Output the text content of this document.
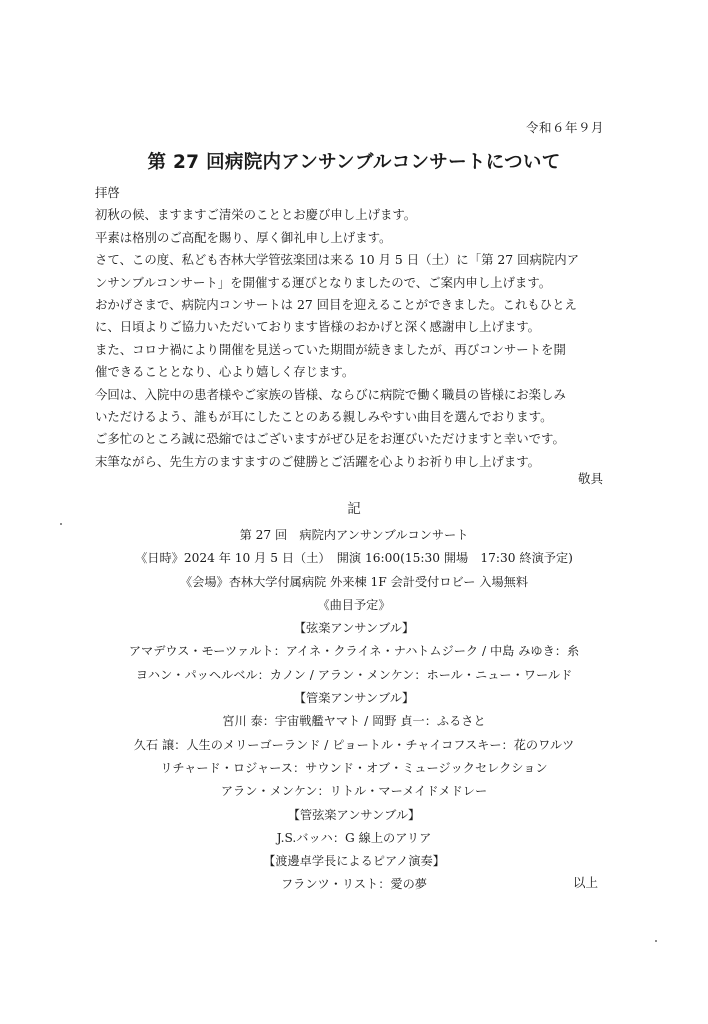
令和６年９月
第 27 回病院内アンサンブルコンサートについて

拝啓

初秋の候、ますますご清栄のこととお慶び申し上げます。

平素は格別のご高配を賜り、厚く御礼申し上げます。

さて、この度、私ども杏林大学管弦楽団は来る 10 月 5 日（土）に「第 27 回病院内ア

ンサンブルコンサート」を開催する運びとなりましたので、ご案内申し上げます。

おかげさまで、病院内コンサートは 27 回目を迎えることができました。これもひとえ

に、日頃よりご協力いただいております皆様のおかげと深く感謝申し上げます。

また、コロナ禍により開催を見送っていた期間が続きましたが、再びコンサートを開

催できることとなり、心より嬉しく存じます。

今回は、入院中の患者様やご家族の皆様、ならびに病院で働く職員の皆様にお楽しみ

いただけるよう、誰もが耳にしたことのある親しみやすい曲目を選んでおります。

ご多忙のところ誠に恐縮ではございますがぜひ足をお運びいただけますと幸いです。

末筆ながら、先生方のますますのご健勝とご活躍を心よりお祈り申し上げます。

敬具
記

第 27 回　病院内アンサンブルコンサート

《日時》2024 年 10 月 5 日（土）　開演 16:00(15:30 開場　17:30 終演予定)

《会場》杏林大学付属病院 外来棟 1F 会計受付ロビー 入場無料

《曲目予定》

【弦楽アンサンブル】

アマデウス・モーツァルト：アイネ・クライネ・ナハトムジーク / 中島 みゆき：糸

ヨハン・パッヘルベル：カノン / アラン・メンケン：ホール・ニュー・ワールド

【管楽アンサンブル】

宮川 泰：宇宙戦艦ヤマト / 岡野 貞一：ふるさと

久石 譲：人生のメリーゴーランド / ピョートル・チャイコフスキー：花のワルツ

リチャード・ロジャース：サウンド・オブ・ミュージックセレクション

アラン・メンケン：リトル・マーメイドメドレー

【管弦楽アンサンブル】

J.S.バッハ：G 線上のアリア

【渡邊卓学長によるピアノ演奏】

フランツ・リスト：愛の夢	以上
